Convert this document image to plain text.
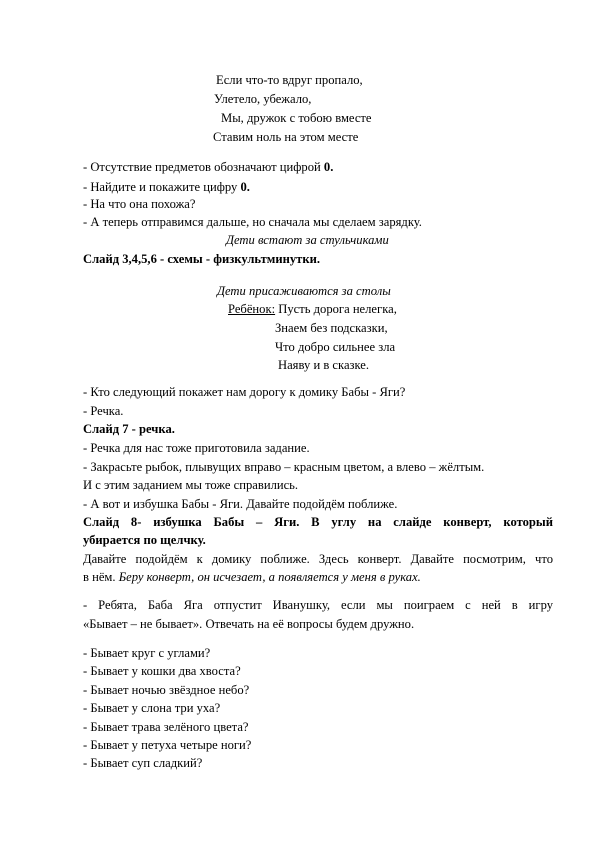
Если что-то вдруг пропало,
Улетело, убежало,
Мы, дружок с тобою вместе
Ставим ноль на этом месте
- Отсутствие предметов обозначают цифрой 0.
- Найдите и покажите цифру 0.
- На что она похожа?
- А теперь отправимся дальше, но сначала мы сделаем зарядку.
Дети встают за стульчиками
Слайд 3,4,5,6 - схемы - физкультминутки.
Дети присаживаются за столы
Ребёнок: Пусть дорога нелегка,
Знаем без подсказки,
Что добро сильнее зла
Наяву и в сказке.
- Кто следующий покажет нам дорогу к домику Бабы - Яги?
- Речка.
Слайд 7 - речка.
- Речка для нас тоже приготовила задание.
- Закрасьте рыбок, плывущих вправо – красным цветом, а влево – жёлтым.
И с этим заданием мы тоже справились.
- А вот и избушка Бабы - Яги. Давайте подойдём поближе.
Слайд 8- избушка Бабы – Яги. В углу на слайде конверт, который
убирается по щелчку.
Давайте подойдём к домику поближе. Здесь конверт. Давайте посмотрим, что
в нём. Беру конверт, он исчезает, а появляется у меня в руках.
- Ребята, Баба Яга отпустит Иванушку, если мы поиграем с ней в игру
«Бывает – не бывает». Отвечать на её вопросы будем дружно.
- Бывает круг с углами?
- Бывает у кошки два хвоста?
- Бывает ночью звёздное небо?
- Бывает у слона три уха?
- Бывает трава зелёного цвета?
- Бывает у петуха четыре ноги?
- Бывает суп сладкий?
